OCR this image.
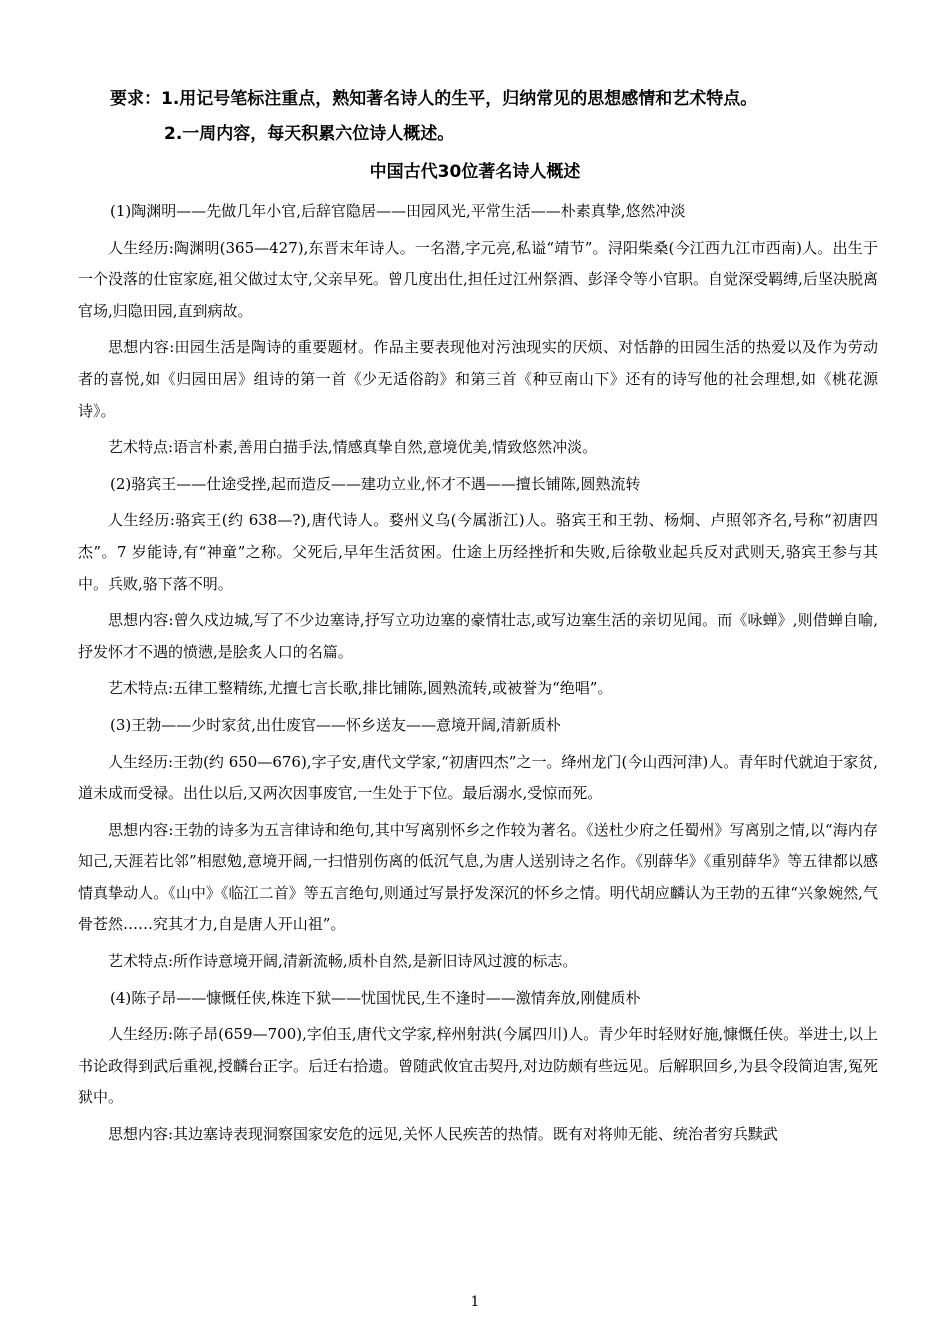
要求：1.用记号笔标注重点，熟知著名诗人的生平，归纳常见的思想感情和艺术特点。
2.一周内容，每天积累六位诗人概述。
中国古代30位著名诗人概述

(1)陶渊明——先做几年小官,后辞官隐居——田园风光,平常生活——朴素真挚,悠然冲淡

人生经历:陶渊明(365—427),东晋末年诗人。一名潜,字元亮,私谥“靖节”。浔阳柴桑(今江西九江市西南)人。出生于一个没落的仕宦家庭,祖父做过太守,父亲早死。曾几度出仕,担任过江州祭酒、彭泽令等小官职。自觉深受羁缚,后坚决脱离官场,归隐田园,直到病故。

思想内容:田园生活是陶诗的重要题材。作品主要表现他对污浊现实的厌烦、对恬静的田园生活的热爱以及作为劳动者的喜悦,如《归园田居》组诗的第一首《少无适俗韵》和第三首《种豆南山下》还有的诗写他的社会理想,如《桃花源诗》。

艺术特点:语言朴素,善用白描手法,情感真挚自然,意境优美,情致悠然冲淡。

(2)骆宾王——仕途受挫,起而造反——建功立业,怀才不遇——擅长铺陈,圆熟流转

人生经历:骆宾王(约 638—?),唐代诗人。婺州义乌(今属浙江)人。骆宾王和王勃、杨炯、卢照邻齐名,号称“初唐四杰”。7 岁能诗,有“神童”之称。父死后,早年生活贫困。仕途上历经挫折和失败,后徐敬业起兵反对武则天,骆宾王参与其中。兵败,骆下落不明。

思想内容:曾久戍边城,写了不少边塞诗,抒写立功边塞的豪情壮志,或写边塞生活的亲切见闻。而《咏蝉》,则借蝉自喻,抒发怀才不遇的愤懑,是脍炙人口的名篇。

艺术特点:五律工整精练,尤擅七言长歌,排比铺陈,圆熟流转,或被誉为“绝唱”。

(3)王勃——少时家贫,出仕废官——怀乡送友——意境开阔,清新质朴

人生经历:王勃(约 650—676),字子安,唐代文学家,“初唐四杰”之一。绛州龙门(今山西河津)人。青年时代就迫于家贫,道未成而受禄。出仕以后,又两次因事废官,一生处于下位。最后溺水,受惊而死。

思想内容:王勃的诗多为五言律诗和绝句,其中写离别怀乡之作较为著名。《送杜少府之任蜀州》写离别之情,以“海内存知己,天涯若比邻”相慰勉,意境开阔,一扫惜别伤离的低沉气息,为唐人送别诗之名作。《别薛华》《重别薛华》等五律都以感情真挚动人。《山中》《临江二首》等五言绝句,则通过写景抒发深沉的怀乡之情。明代胡应麟认为王勃的五律“兴象婉然,气骨苍然……究其才力,自是唐人开山祖”。

艺术特点:所作诗意境开阔,清新流畅,质朴自然,是新旧诗风过渡的标志。

(4)陈子昂——慷慨任侠,株连下狱——忧国忧民,生不逢时——激情奔放,刚健质朴

人生经历:陈子昂(659—700),字伯玉,唐代文学家,梓州射洪(今属四川)人。青少年时轻财好施,慷慨任侠。举进士,以上书论政得到武后重视,授麟台正字。后迁右拾遗。曾随武攸宜击契丹,对边防颇有些远见。后解职回乡,为县令段简迫害,冤死狱中。

思想内容:其边塞诗表现洞察国家安危的远见,关怀人民疾苦的热情。既有对将帅无能、统治者穷兵黩武

1
